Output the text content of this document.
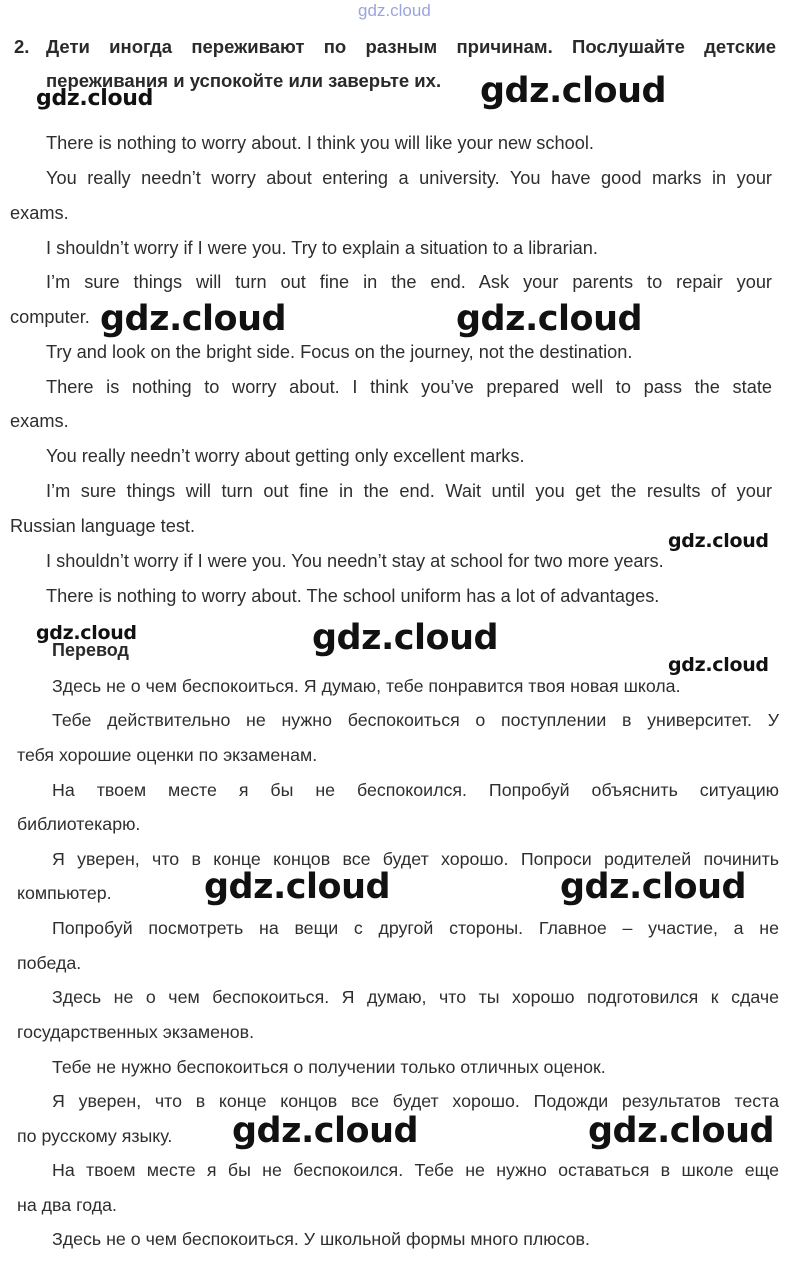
gdz.cloud
2. Дети иногда переживают по разным причинам. Послушайте детские переживания и успокойте или заверьте их.
There is nothing to worry about. I think you will like your new school.
You really needn’t worry about entering a university. You have good marks in your
exams.
I shouldn’t worry if I were you. Try to explain a situation to a librarian.
I’m sure things will turn out fine in the end. Ask your parents to repair your
computer.
Try and look on the bright side. Focus on the journey, not the destination.
There is nothing to worry about. I think you’ve prepared well to pass the state
exams.
You really needn’t worry about getting only excellent marks.
I’m sure things will turn out fine in the end. Wait until you get the results of your
Russian language test.
I shouldn’t worry if I were you. You needn’t stay at school for two more years.
There is nothing to worry about. The school uniform has a lot of advantages.
Перевод
Здесь не о чем беспокоиться. Я думаю, тебе понравится твоя новая школа.
Тебе действительно не нужно беспокоиться о поступлении в университет. У
тебя хорошие оценки по экзаменам.
На твоем месте я бы не беспокоился. Попробуй объяснить ситуацию
библиотекарю.
Я уверен, что в конце концов все будет хорошо. Попроси родителей починить
компьютер.
Попробуй посмотреть на вещи с другой стороны. Главное – участие, а не
победа.
Здесь не о чем беспокоиться. Я думаю, что ты хорошо подготовился к сдаче
государственных экзаменов.
Тебе не нужно беспокоиться о получении только отличных оценок.
Я уверен, что в конце концов все будет хорошо. Подожди результатов теста
по русскому языку.
На твоем месте я бы не беспокоился. Тебе не нужно оставаться в школе еще
на два года.
Здесь не о чем беспокоиться. У школьной формы много плюсов.
gdz.cloud	gdz.cloud
gdz.cloud	gdz.cloud
gdz.cloud
gdz.cloud	gdz.cloud
gdz.cloud
gdz.cloud	gdz.cloud
gdz.cloud	gdz.cloud
